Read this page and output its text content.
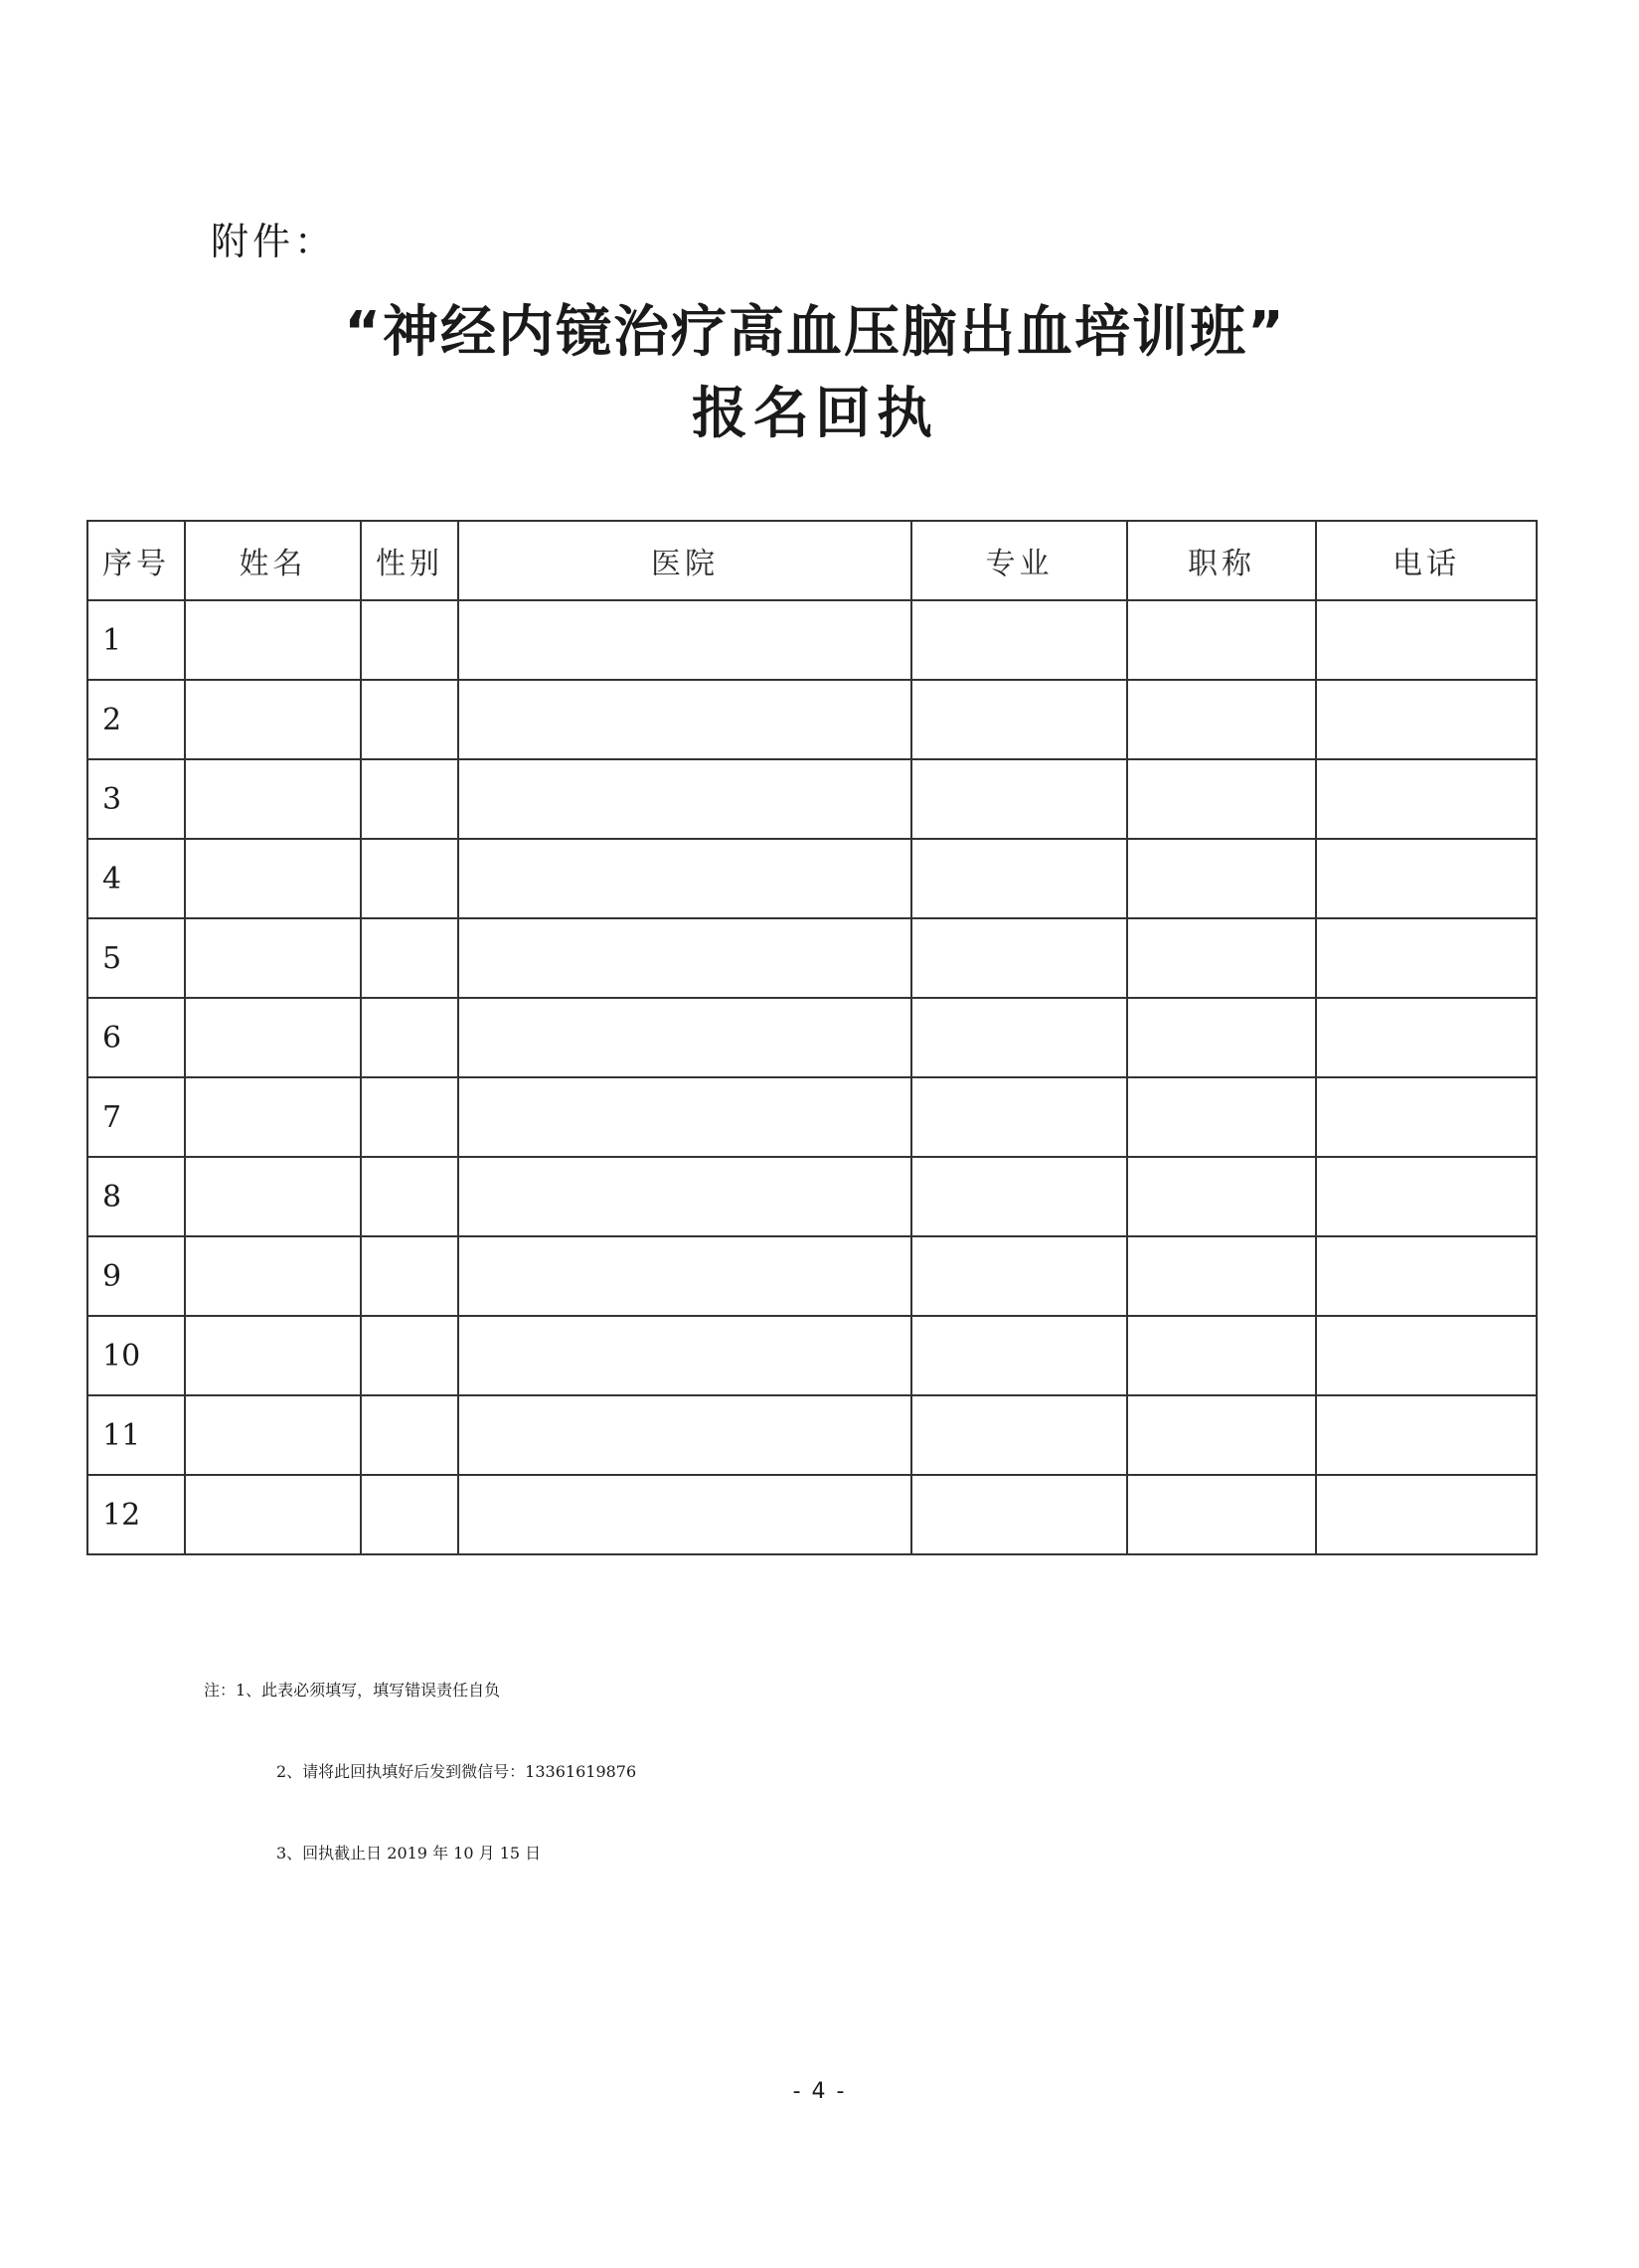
附件：
“神经内镜治疗高血压脑出血培训班”
报名回执
序号	姓名	性别	医院	专业	职称	电话
1						
2						
3						
4						
5						
6						
7						
8						
9						
10						
11						
12						
注：1、此表必须填写，填写错误责任自负
2、请将此回执填好后发到微信号：13361619876
3、回执截止日 2019 年 10 月 15 日
- 4 -
